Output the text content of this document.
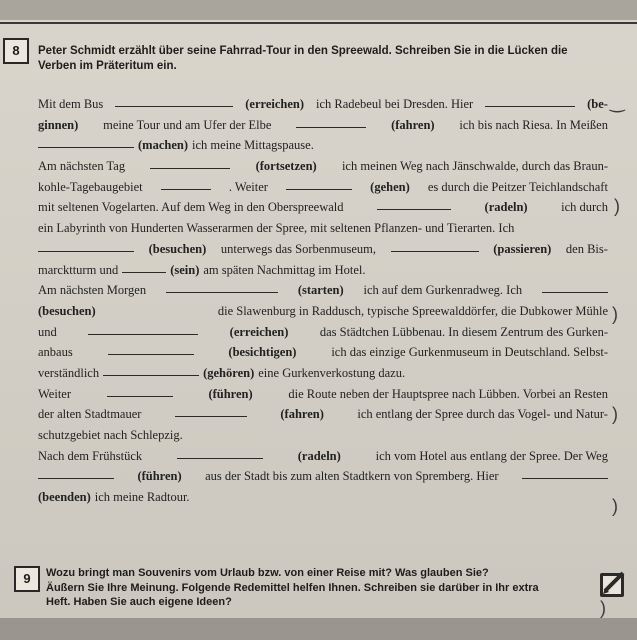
8	Peter Schmidt erzählt über seine Fahrrad-Tour in den Spreewald. Schreiben Sie in die Lücken die
Verben im Präteritum ein.
Mit dem Bus	(erreichen) ich Radebeul bei Dresden. Hier	(be-
ginnen) meine Tour und am Ufer der Elbe	(fahren) ich bis nach Riesa. In Meißen
(machen) ich meine Mittagspause.
Am nächsten Tag	(fortsetzen) ich meinen Weg nach Jänschwalde, durch das Braun-
kohle-Tagebaugebiet	. Weiter	(gehen) es durch die Peitzer Teichlandschaft
mit seltenen Vogelarten. Auf dem Weg in den Oberspreewald	(radeln)	ich durch
ein Labyrinth von Hunderten Wasserarmen der Spree, mit seltenen Pflanzen- und Tierarten. Ich
(besuchen) unterwegs das Sorbenmuseum,	(passieren) den Bis-
marcktturm und	(sein) am späten Nachmittag im Hotel.
Am nächsten Morgen	(starten) ich auf dem Gurkenradweg. Ich
(besuchen)	die Slawenburg in Raddusch, typische Spreewalddörfer, die Dubkower Mühle
und	(erreichen)	das Städtchen Lübbenau. In diesem Zentrum des Gurken-
anbaus	(besichtigen)	ich das einzige Gurkenmuseum in Deutschland. Selbst-
verständlich	(gehören) eine Gurkenverkostung dazu.
Weiter	(führen)	die Route neben der Hauptspree nach Lübben. Vorbei an Resten
der alten Stadtmauer	(fahren)	ich entlang der Spree durch das Vogel- und Natur-
schutzgebiet nach Schlepzig.
Nach dem Frühstück	(radeln)	ich vom Hotel aus entlang der Spree. Der Weg
(führen) aus der Stadt bis zum alten Stadtkern von Spremberg. Hier
(beenden) ich meine Radtour.
‿
)
)
)
)
9	Wozu bringt man Souvenirs vom Urlaub bzw. von einer Reise mit? Was glauben Sie?
Äußern Sie Ihre Meinung. Folgende Redemittel helfen Ihnen. Schreiben sie darüber in Ihr extra
Heft. Haben Sie auch eigene Ideen?	)
